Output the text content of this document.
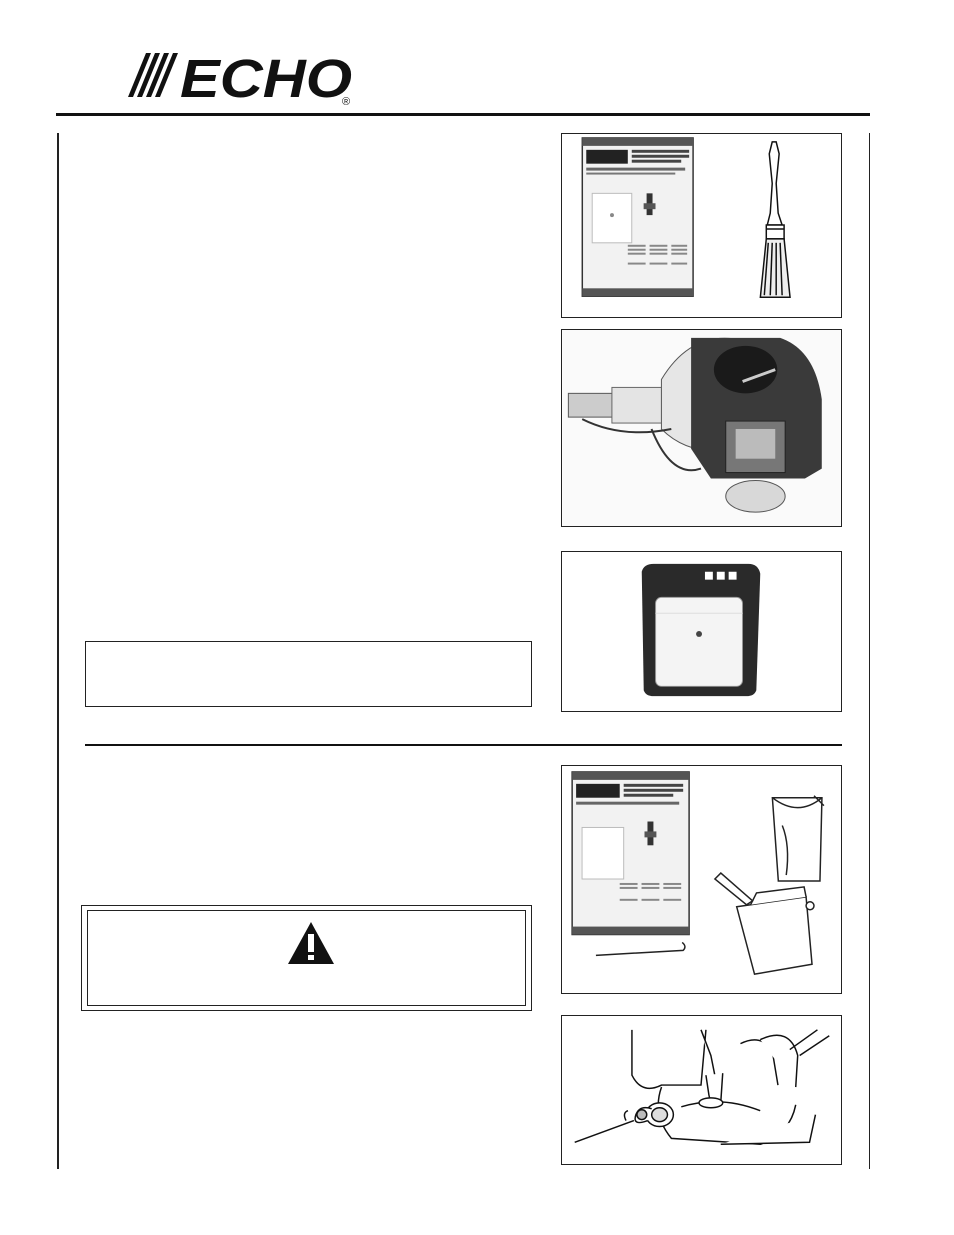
ECHO
®
